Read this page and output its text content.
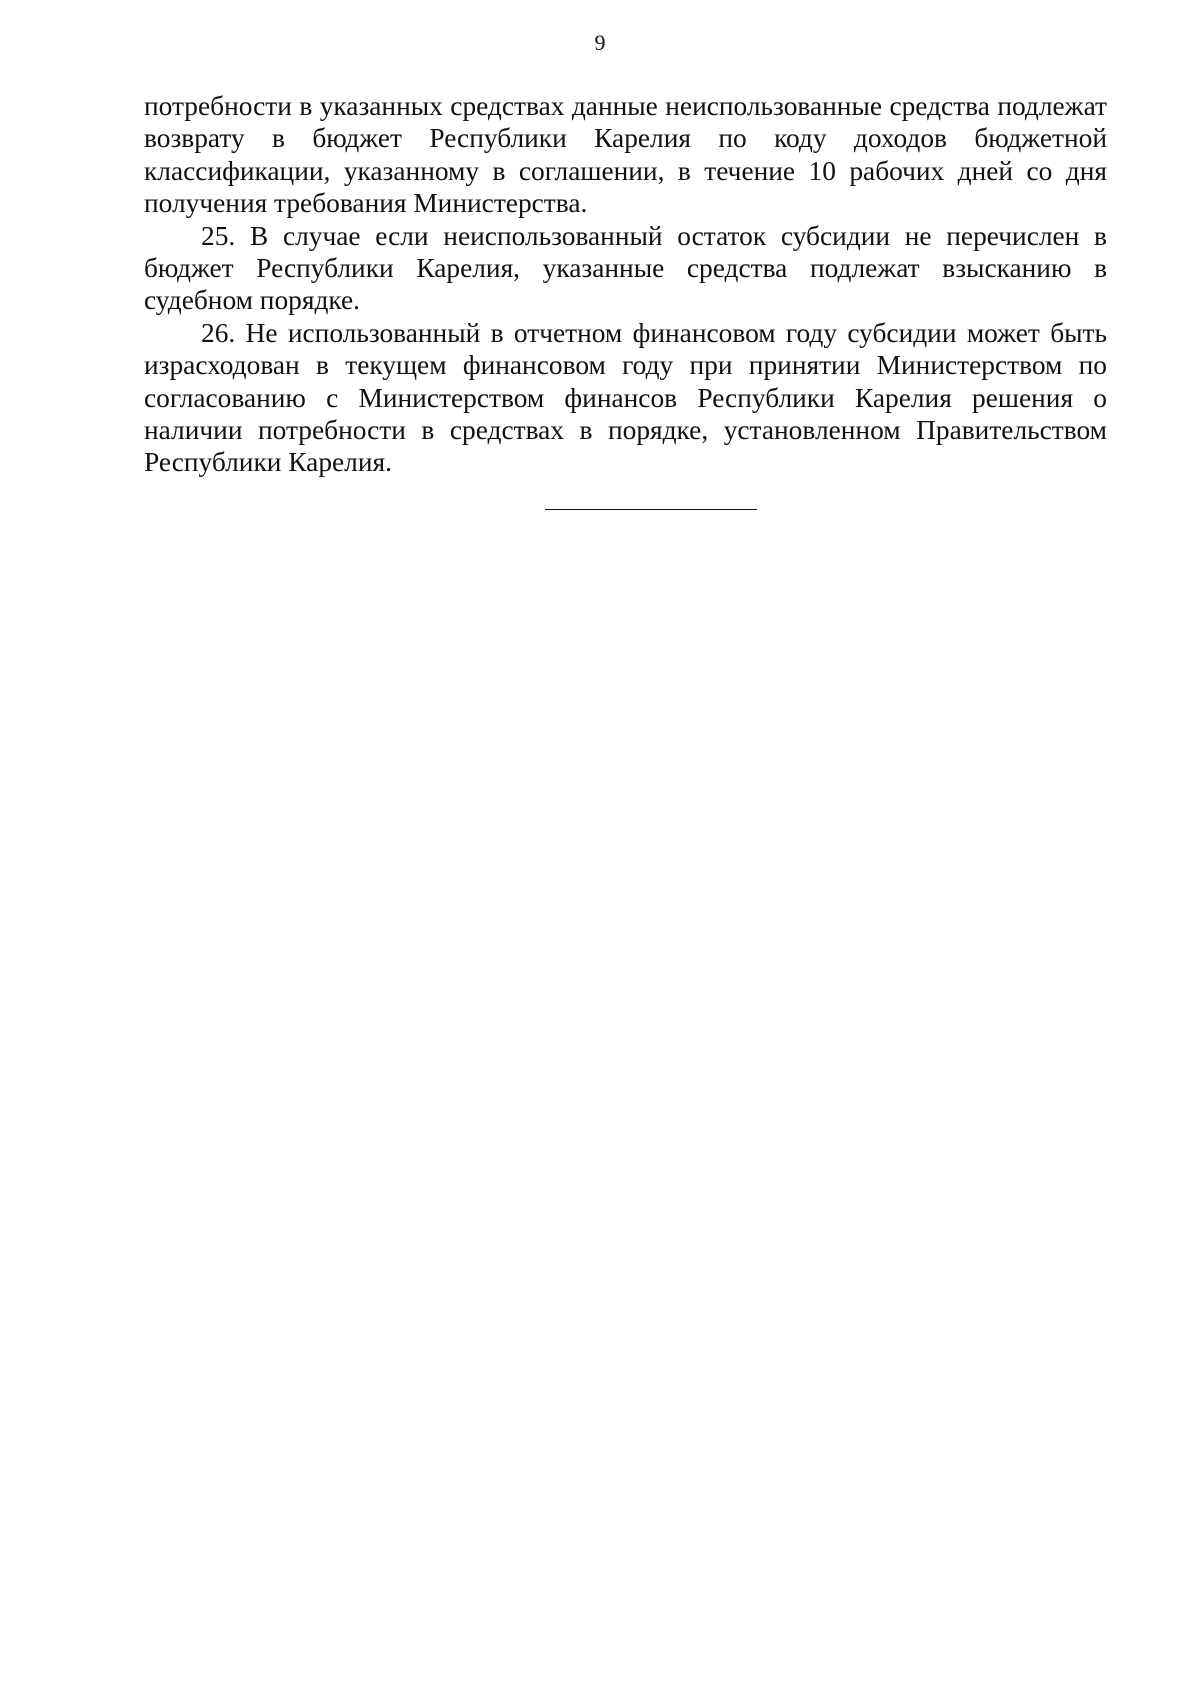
9

потребности в указанных средствах данные неиспользованные средства подлежат возврату в бюджет Республики Карелия по коду доходов бюджетной классификации, указанному в соглашении, в течение 10 рабочих дней со дня получения требования Министерства.

25. В случае если неиспользованный остаток субсидии не перечислен в бюджет Республики Карелия, указанные средства подлежат взысканию в судебном порядке.

26. Не использованный в отчетном финансовом году субсидии может быть израсходован в текущем финансовом году при принятии Министерством по согласованию с Министерством финансов Республики Карелия решения о наличии потребности в средствах в порядке, установленном Правительством Республики Карелия.
